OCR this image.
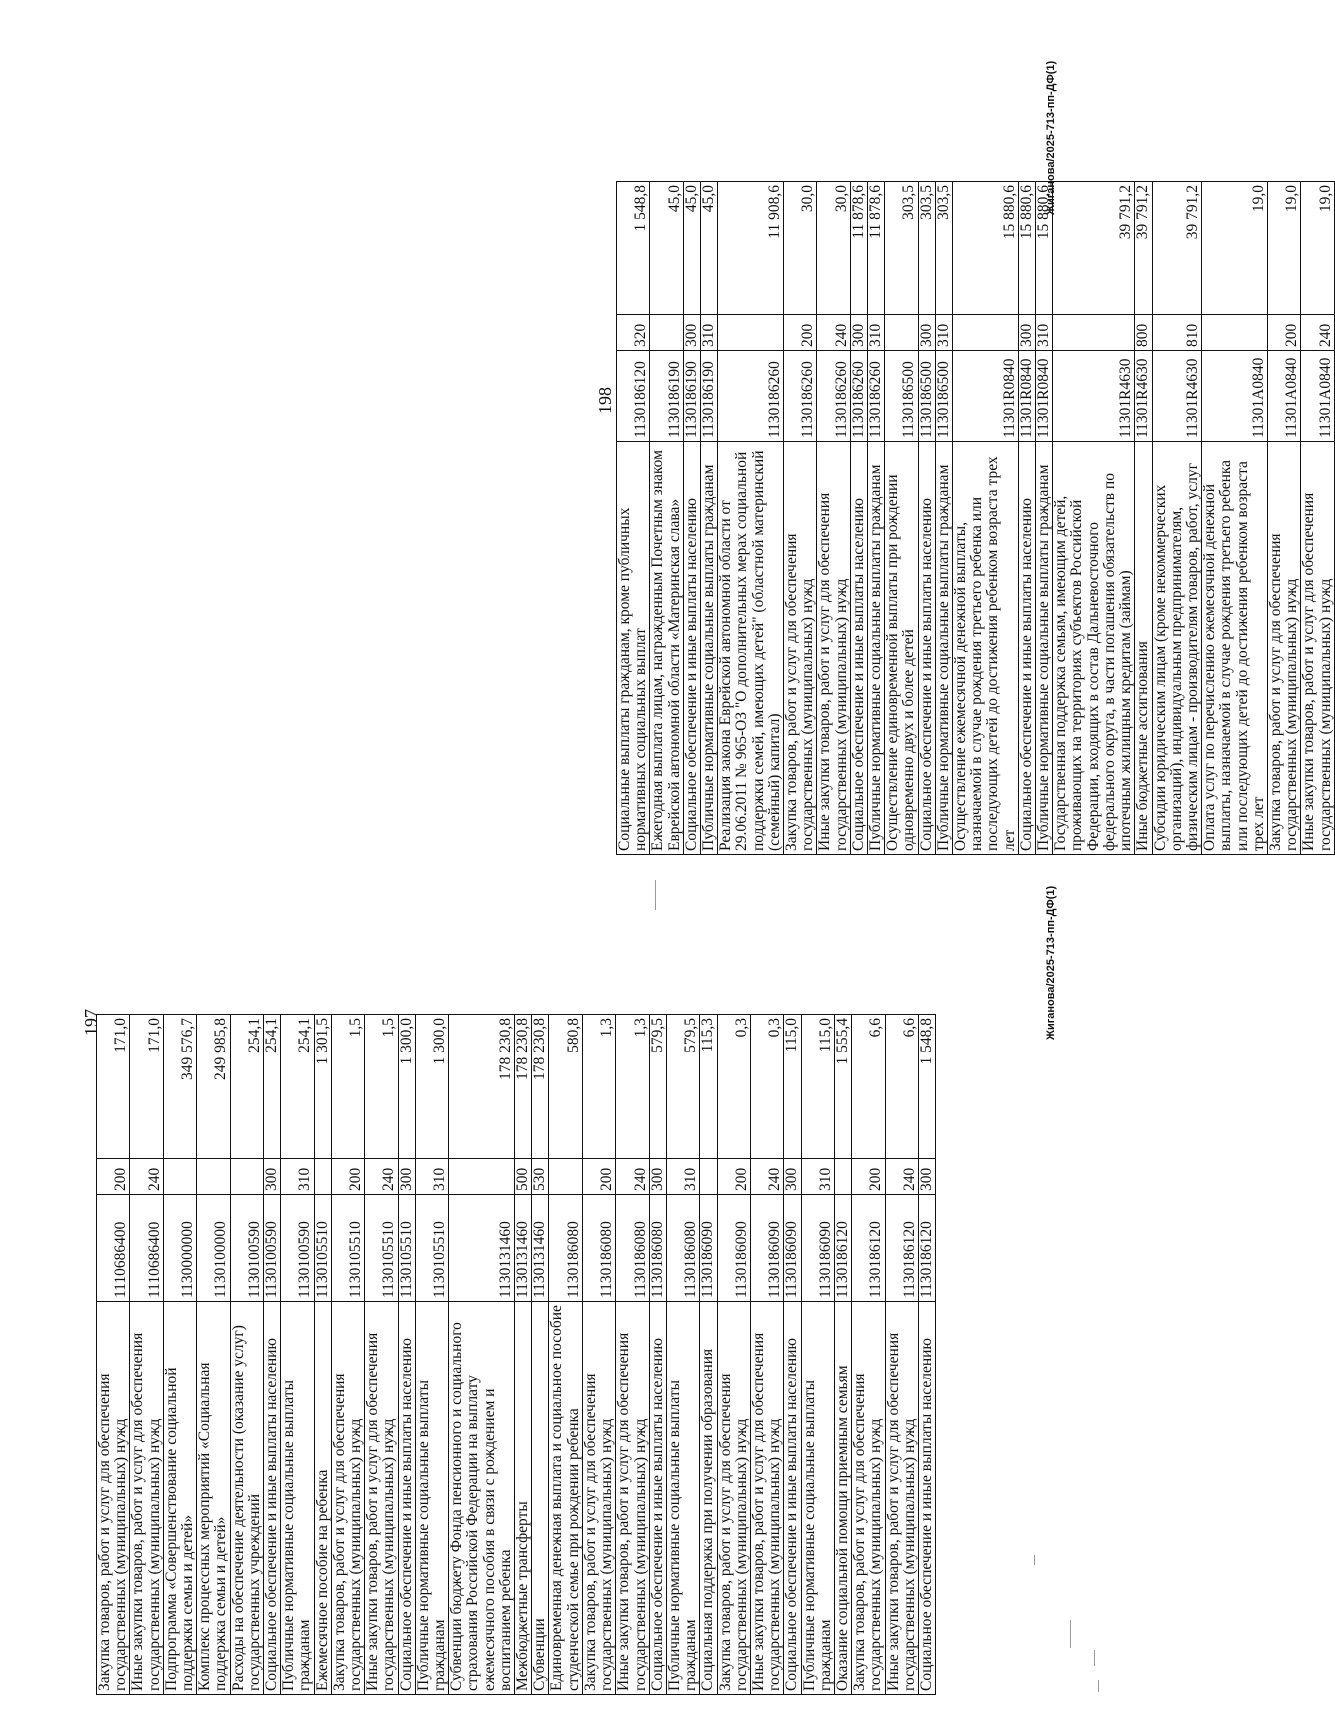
197
198
Закупка товаров, работ и услуг для обеспечения государственных (муниципальных) нужд	1110686400	200	171,0
Иные закупки товаров, работ и услуг для обеспечения государственных (муниципальных) нужд	1110686400	240	171,0
Подпрограмма «Совершенствование социальной поддержки семьи и детей»	1130000000		349 576,7
Комплекс процессных мероприятий «Социальная поддержка семьи и детей»	1130100000		249 985,8
Расходы на обеспечение деятельности (оказание услуг) государственных учреждений	1130100590		254,1
Социальное обеспечение и иные выплаты населению	1130100590	300	254,1
Публичные нормативные социальные выплаты гражданам	1130100590	310	254,1
Ежемесячное пособие на ребенка	1130105510		1 301,5
Закупка товаров, работ и услуг для обеспечения государственных (муниципальных) нужд	1130105510	200	1,5
Иные закупки товаров, работ и услуг для обеспечения государственных (муниципальных) нужд	1130105510	240	1,5
Социальное обеспечение и иные выплаты населению	1130105510	300	1 300,0
Публичные нормативные социальные выплаты гражданам	1130105510	310	1 300,0
Субвенции бюджету Фонда пенсионного и социального страхования Российской Федерации на выплату ежемесячного пособия в связи с рождением и воспитанием ребенка	1130131460		178 230,8
Межбюджетные трансферты	1130131460	500	178 230,8
Субвенции	1130131460	530	178 230,8
Единовременная денежная выплата и социальное пособие студенческой семье при рождении ребенка	1130186080		580,8
Закупка товаров, работ и услуг для обеспечения государственных (муниципальных) нужд	1130186080	200	1,3
Иные закупки товаров, работ и услуг для обеспечения государственных (муниципальных) нужд	1130186080	240	1,3
Социальное обеспечение и иные выплаты населению	1130186080	300	579,5
Публичные нормативные социальные выплаты гражданам	1130186080	310	579,5
Социальная поддержка при получении образования	1130186090		115,3
Закупка товаров, работ и услуг для обеспечения государственных (муниципальных) нужд	1130186090	200	0,3
Иные закупки товаров, работ и услуг для обеспечения государственных (муниципальных) нужд	1130186090	240	0,3
Социальное обеспечение и иные выплаты населению	1130186090	300	115,0
Публичные нормативные социальные выплаты гражданам	1130186090	310	115,0
Оказание социальной помощи приемным семьям	1130186120		1 555,4
Закупка товаров, работ и услуг для обеспечения государственных (муниципальных) нужд	1130186120	200	6,6
Иные закупки товаров, работ и услуг для обеспечения государственных (муниципальных) нужд	1130186120	240	6,6
Социальное обеспечение и иные выплаты населению	1130186120	300	1 548,8
Социальные выплаты гражданам, кроме публичных нормативных социальных выплат	1130186120	320	1 548,8
Ежегодная выплата лицам, награжденным Почетным знаком Еврейской автономной области «Материнская слава»	1130186190		45,0
Социальное обеспечение и иные выплаты населению	1130186190	300	45,0
Публичные нормативные социальные выплаты гражданам	1130186190	310	45,0
Реализация закона Еврейской автономной области от 29.06.2011 № 965-ОЗ "О дополнительных мерах социальной поддержки семей, имеющих детей" (областной материнский (семейный) капитал)	1130186260		11 908,6
Закупка товаров, работ и услуг для обеспечения государственных (муниципальных) нужд	1130186260	200	30,0
Иные закупки товаров, работ и услуг для обеспечения государственных (муниципальных) нужд	1130186260	240	30,0
Социальное обеспечение и иные выплаты населению	1130186260	300	11 878,6
Публичные нормативные социальные выплаты гражданам	1130186260	310	11 878,6
Осуществление единовременной выплаты при рождении одновременно двух и более детей	1130186500		303,5
Социальное обеспечение и иные выплаты населению	1130186500	300	303,5
Публичные нормативные социальные выплаты гражданам	1130186500	310	303,5
Осуществление ежемесячной денежной выплаты, назначаемой в случае рождения третьего ребенка или последующих детей до достижения ребенком возраста трех лет	11301R0840		15 880,6
Социальное обеспечение и иные выплаты населению	11301R0840	300	15 880,6
Публичные нормативные социальные выплаты гражданам	11301R0840	310	15 880,6
Государственная поддержка семьям, имеющим детей, проживающих на территориях субъектов Российской Федерации, входящих в состав Дальневосточного федерального округа, в части погашения обязательств по ипотечным жилищным кредитам (займам)	11301R4630		39 791,2
Иные бюджетные ассигнования	11301R4630	800	39 791,2
Субсидии юридическим лицам (кроме некоммерческих организаций), индивидуальным предпринимателям, физическим лицам - производителям товаров, работ, услуг	11301R4630	810	39 791,2
Оплата услуг по перечислению ежемесячной денежной выплаты, назначаемой в случае рождения третьего ребенка или последующих детей до достижения ребенком возраста трех лет	11301A0840		19,0
Закупка товаров, работ и услуг для обеспечения государственных (муниципальных) нужд	11301A0840	200	19,0
Иные закупки товаров, работ и услуг для обеспечения государственных (муниципальных) нужд	11301A0840	240	19,0
Жиганова/2025-713-пп-ДФ(1)
Жиганова/2025-713-пп-ДФ(1)
